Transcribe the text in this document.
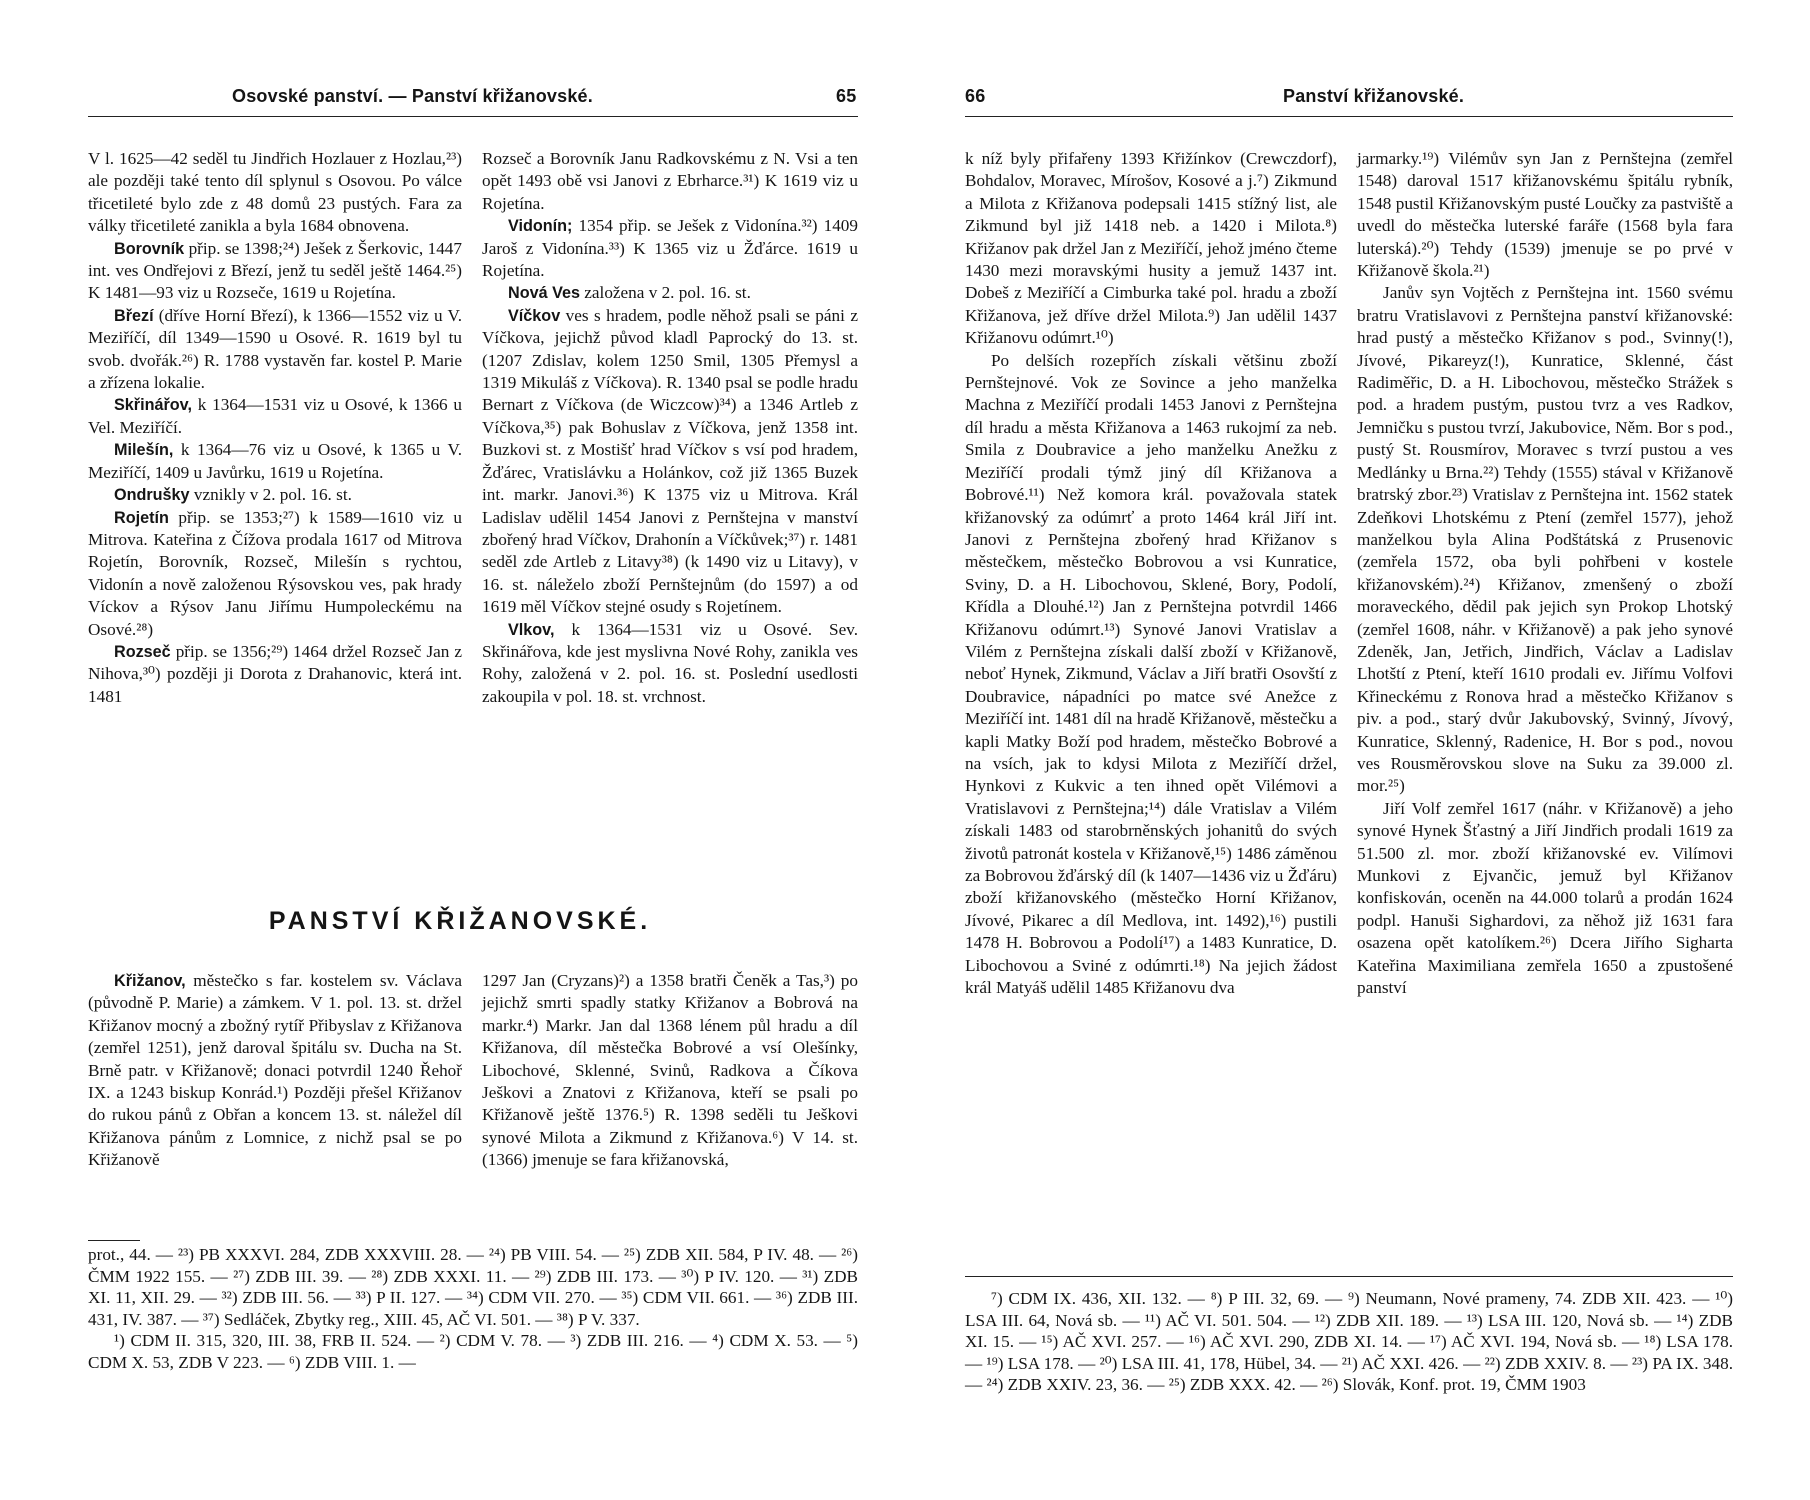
Osovské panství. — Panství křižanovské.	65

V l. 1625—42 seděl tu Jindřich Hozlauer z Hozlau,²³) ale později také tento díl splynul s Osovou. Po válce třicetileté bylo zde z 48 domů 23 pustých. Fara za války třicetileté zanikla a byla 1684 obnovena.

Borovník přip. se 1398;²⁴) Ješek z Šerkovic, 1447 int. ves Ondřejovi z Březí, jenž tu seděl ještě 1464.²⁵) K 1481—93 viz u Rozseče, 1619 u Rojetína.

Březí (dříve Horní Březí), k 1366—1552 viz u V. Meziříčí, díl 1349—1590 u Osové. R. 1619 byl tu svob. dvořák.²⁶) R. 1788 vystavěn far. kostel P. Marie a zřízena lokalie.

Skřinářov, k 1364—1531 viz u Osové, k 1366 u Vel. Meziříčí.

Milešín, k 1364—76 viz u Osové, k 1365 u V. Meziříčí, 1409 u Javůrku, 1619 u Rojetína.

Ondrušky vznikly v 2. pol. 16. st.

Rojetín přip. se 1353;²⁷) k 1589—1610 viz u Mitrova. Kateřina z Čížova prodala 1617 od Mitrova Rojetín, Borovník, Rozseč, Milešín s rychtou, Vidonín a nově založenou Rýsovskou ves, pak hrady Víckov a Rýsov Janu Jiřímu Humpoleckému na Osové.²⁸)

Rozseč přip. se 1356;²⁹) 1464 držel Rozseč Jan z Nihova,³⁰) později ji Dorota z Drahanovic, která int. 1481

Rozseč a Borovník Janu Radkovskému z N. Vsi a ten opět 1493 obě vsi Janovi z Ebrharce.³¹) K 1619 viz u Rojetína.

Vidonín; 1354 přip. se Ješek z Vidonína.³²) 1409 Jaroš z Vidonína.³³) K 1365 viz u Žďárce. 1619 u Rojetína.

Nová Ves založena v 2. pol. 16. st.

Víčkov ves s hradem, podle něhož psali se páni z Víčkova, jejichž původ kladl Paprocký do 13. st. (1207 Zdislav, kolem 1250 Smil, 1305 Přemysl a 1319 Mikuláš z Víčkova). R. 1340 psal se podle hradu Bernart z Víčkova (de Wiczcow)³⁴) a 1346 Artleb z Víčkova,³⁵) pak Bohuslav z Víčkova, jenž 1358 int. Buzkovi st. z Mostišť hrad Víčkov s vsí pod hradem, Žďárec, Vratislávku a Holánkov, což již 1365 Buzek int. markr. Janovi.³⁶) K 1375 viz u Mitrova. Král Ladislav udělil 1454 Janovi z Pernštejna v manství zbořený hrad Víčkov, Drahonín a Víčkůvek;³⁷) r. 1481 seděl zde Artleb z Litavy³⁸) (k 1490 viz u Litavy), v 16. st. náleželo zboží Pernštejnům (do 1597) a od 1619 měl Víčkov stejné osudy s Rojetínem.

Vlkov, k 1364—1531 viz u Osové. Sev. Skřinářova, kde jest myslivna Nové Rohy, zanikla ves Rohy, založená v 2. pol. 16. st. Poslední usedlosti zakoupila v pol. 18. st. vrchnost.

PANSTVÍ KŘIŽANOVSKÉ.

Křižanov, městečko s far. kostelem sv. Václava (původně P. Marie) a zámkem. V 1. pol. 13. st. držel Křižanov mocný a zbožný rytíř Přibyslav z Křižanova (zemřel 1251), jenž daroval špitálu sv. Ducha na St. Brně patr. v Křižanově; donaci potvrdil 1240 Řehoř IX. a 1243 biskup Konrád.¹) Později přešel Křižanov do rukou pánů z Obřan a koncem 13. st. náležel díl Křižanova pánům z Lomnice, z nichž psal se po Křižanově

1297 Jan (Cryzans)²) a 1358 bratři Čeněk a Tas,³) po jejichž smrti spadly statky Křižanov a Bobrová na markr.⁴) Markr. Jan dal 1368 lénem půl hradu a díl Křižanova, díl městečka Bobrové a vsí Olešínky, Libochové, Sklenné, Svinů, Radkova a Číkova Ješkovi a Znatovi z Křižanova, kteří se psali po Křižanově ještě 1376.⁵) R. 1398 seděli tu Ješkovi synové Milota a Zikmund z Křižanova.⁶) V 14. st. (1366) jmenuje se fara křižanovská,

prot., 44. — ²³) PB XXXVI. 284, ZDB XXXVIII. 28. — ²⁴) PB VIII. 54. — ²⁵) ZDB XII. 584, P IV. 48. — ²⁶) ČMM 1922 155. — ²⁷) ZDB III. 39. — ²⁸) ZDB XXXI. 11. — ²⁹) ZDB III. 173. — ³⁰) P IV. 120. — ³¹) ZDB XI. 11, XII. 29. — ³²) ZDB III. 56. — ³³) P II. 127. — ³⁴) CDM VII. 270. — ³⁵) CDM VII. 661. — ³⁶) ZDB III. 431, IV. 387. — ³⁷) Sedláček, Zbytky reg., XIII. 45, AČ VI. 501. — ³⁸) P V. 337.

¹) CDM II. 315, 320, III. 38, FRB II. 524. — ²) CDM V. 78. — ³) ZDB III. 216. — ⁴) CDM X. 53. — ⁵) CDM X. 53, ZDB V 223. — ⁶) ZDB VIII. 1. —

66	Panství křižanovské.

k níž byly přifařeny 1393 Křižínkov (Crewczdorf), Bohdalov, Moravec, Mírošov, Kosové a j.⁷) Zikmund a Milota z Křižanova podepsali 1415 stížný list, ale Zikmund byl již 1418 neb. a 1420 i Milota.⁸) Křižanov pak držel Jan z Meziříčí, jehož jméno čteme 1430 mezi moravskými husity a jemuž 1437 int. Dobeš z Meziříčí a Cimburka také pol. hradu a zboží Křižanova, jež dříve držel Milota.⁹) Jan udělil 1437 Křižanovu odúmrt.¹⁰)

Po delších rozepřích získali většinu zboží Pernštejnové. Vok ze Sovince a jeho manželka Machna z Meziříčí prodali 1453 Janovi z Pernštejna díl hradu a města Křižanova a 1463 rukojmí za neb. Smila z Doubravice a jeho manželku Anežku z Meziříčí prodali týmž jiný díl Křižanova a Bobrové.¹¹) Než komora král. považovala statek křižanovský za odúmrť a proto 1464 král Jiří int. Janovi z Pernštejna zbořený hrad Křižanov s městečkem, městečko Bobrovou a vsi Kunratice, Sviny, D. a H. Libochovou, Sklené, Bory, Podolí, Křídla a Dlouhé.¹²) Jan z Pernštejna potvrdil 1466 Křižanovu odúmrt.¹³) Synové Janovi Vratislav a Vilém z Pernštejna získali další zboží v Křižanově, neboť Hynek, Zikmund, Václav a Jiří bratři Osovští z Doubravice, nápadníci po matce své Anežce z Meziříčí int. 1481 díl na hradě Křižanově, městečku a kapli Matky Boží pod hradem, městečko Bobrové a na vsích, jak to kdysi Milota z Meziříčí držel, Hynkovi z Kukvic a ten ihned opět Vilémovi a Vratislavovi z Pernštejna;¹⁴) dále Vratislav a Vilém získali 1483 od starobrněnských johanitů do svých životů patronát kostela v Křižanově,¹⁵) 1486 záměnou za Bobrovou žďárský díl (k 1407—1436 viz u Žďáru) zboží křižanovského (městečko Horní Křižanov, Jívové, Pikarec a díl Medlova, int. 1492),¹⁶) pustili 1478 H. Bobrovou a Podolí¹⁷) a 1483 Kunratice, D. Libochovou a Sviné z odúmrti.¹⁸) Na jejich žádost král Matyáš udělil 1485 Křižanovu dva

jarmarky.¹⁹) Vilémův syn Jan z Pernštejna (zemřel 1548) daroval 1517 křižanovskému špitálu rybník, 1548 pustil Křižanovským pusté Loučky za pastviště a uvedl do městečka luterské faráře (1568 byla fara luterská).²⁰) Tehdy (1539) jmenuje se po prvé v Křižanově škola.²¹)

Janův syn Vojtěch z Pernštejna int. 1560 svému bratru Vratislavovi z Pernštejna panství křižanovské: hrad pustý a městečko Křižanov s pod., Svinny(!), Jívové, Pikareyz(!), Kunratice, Sklenné, část Radiměřic, D. a H. Libochovou, městečko Strážek s pod. a hradem pustým, pustou tvrz a ves Radkov, Jemničku s pustou tvrzí, Jakubovice, Něm. Bor s pod., pustý St. Rousmírov, Moravec s tvrzí pustou a ves Medlánky u Brna.²²) Tehdy (1555) stával v Křižanově bratrský zbor.²³) Vratislav z Pernštejna int. 1562 statek Zdeňkovi Lhotskému z Ptení (zemřel 1577), jehož manželkou byla Alina Podštátská z Prusenovic (zemřela 1572, oba byli pohřbeni v kostele křižanovském).²⁴) Křižanov, zmenšený o zboží moraveckého, dědil pak jejich syn Prokop Lhotský (zemřel 1608, náhr. v Křižanově) a pak jeho synové Zdeněk, Jan, Jetřich, Jindřich, Václav a Ladislav Lhotští z Ptení, kteří 1610 prodali ev. Jiřímu Volfovi Křineckému z Ronova hrad a městečko Křižanov s piv. a pod., starý dvůr Jakubovský, Svinný, Jívový, Kunratice, Sklenný, Radenice, H. Bor s pod., novou ves Rousměrovskou slove na Suku za 39.000 zl. mor.²⁵)

Jiří Volf zemřel 1617 (náhr. v Křižanově) a jeho synové Hynek Šťastný a Jiří Jindřich prodali 1619 za 51.500 zl. mor. zboží křižanovské ev. Vilímovi Munkovi z Ejvančic, jemuž byl Křižanov konfiskován, oceněn na 44.000 tolarů a prodán 1624 podpl. Hanuši Sighardovi, za něhož již 1631 fara osazena opět katolíkem.²⁶) Dcera Jiřího Sigharta Kateřina Maximiliana zemřela 1650 a zpustošené panství

⁷) CDM IX. 436, XII. 132. — ⁸) P III. 32, 69. — ⁹) Neumann, Nové prameny, 74. ZDB XII. 423. — ¹⁰) LSA III. 64, Nová sb. — ¹¹) AČ VI. 501. 504. — ¹²) ZDB XII. 189. — ¹³) LSA III. 120, Nová sb. — ¹⁴) ZDB XI. 15. — ¹⁵) AČ XVI. 257. — ¹⁶) AČ XVI. 290, ZDB XI. 14. — ¹⁷) AČ XVI. 194, Nová sb. — ¹⁸) LSA 178. — ¹⁹) LSA 178. — ²⁰) LSA III. 41, 178, Hübel, 34. — ²¹) AČ XXI. 426. — ²²) ZDB XXIV. 8. — ²³) PA IX. 348. — ²⁴) ZDB XXIV. 23, 36. — ²⁵) ZDB XXX. 42. — ²⁶) Slovák, Konf. prot. 19, ČMM 1903
